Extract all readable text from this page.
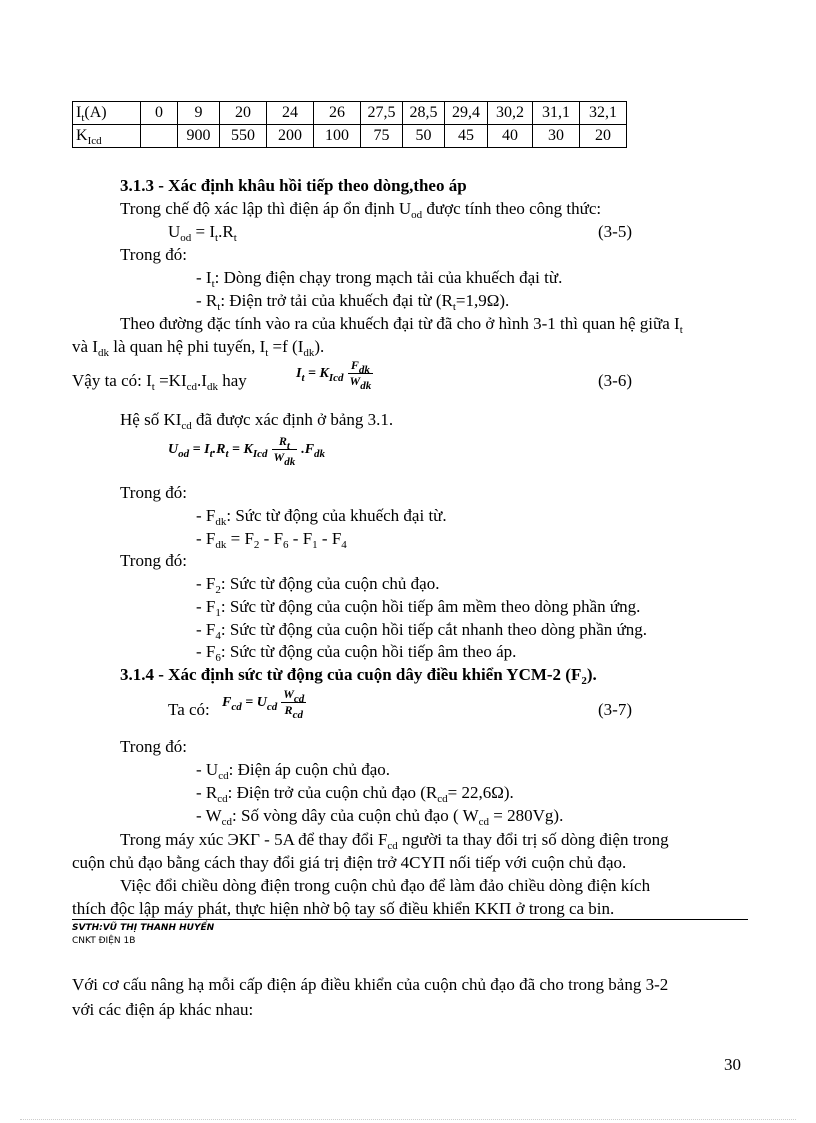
$I_t(A)$	0	9	20	24	26	27,5	28,5	29,4	30,2	31,1	32,1
$K_{Icd}$		900	550	200	100	75	50	45	40	30	20
3.1.3 - Xác định khâu hồi tiếp theo dòng,theo áp
Trong chế độ xác lập thì điện áp ổn định $U_{od}$ được tính theo công thức:
$U_{od} = I_t.R_t$	(3-5)
Trong đó:
- $I_t$: Dòng điện chạy trong mạch tải của khuếch đại từ.
- $R_t$: Điện trở tải của khuếch đại từ $(R_t=1,9\Omega)$.
Theo đường đặc tính vào ra của khuếch đại từ đã cho ở hình 3-1 thì quan hệ giữa $I_t$
và $I_{dk}$ là quan hệ phi tuyến, $I_t =f$ $(I_{dk})$.
Vậy ta có: $I_t =KI_{cd}.I_{dk}$ hay	$I_t = K_{Icd} \frac{F_{dk}}{W_{dk}}$	(3-6)
Hệ số $KI_{cd}$ đã được xác định ở bảng 3.1.
$U_{od} = I_t.R_t = K_{Icd} \frac{R_t}{W_{dk}} .F_{dk}$
Trong đó:
- $F_{dk}$: Sức từ động của khuếch đại từ.
- $F_{dk} = F_2 - F_6 - F_1 - F_4$
Trong đó:
- $F_2$: Sức từ động của cuộn chủ đạo.
- $F_1$: Sức từ động của cuộn hồi tiếp âm mềm theo dòng phần ứng.
- $F_4$: Sức từ động của cuộn hồi tiếp cắt nhanh theo dòng phần ứng.
- $F_6$: Sức từ động của cuộn hồi tiếp âm theo áp.
3.1.4 - Xác định sức từ động của cuộn dây điều khiển YCM-2 $(F_2)$.
Ta có: $F_{cd} = U_{cd} \frac{W_{cd}}{R_{cd}}$	(3-7)
Trong đó:
- $U_{cd}$: Điện áp cuộn chủ đạo.
- $R_{cd}$: Điện trở của cuộn chủ đạo $(R_{cd}= 22,6\Omega)$.
- $W_{cd}$: Số vòng dây của cuộn chủ đạo ( $W_{cd} = 280Vg$).
Trong máy xúc ЭКГ - 5A để thay đổi $F_{cd}$ người ta thay đổi trị số dòng điện trong
cuộn chủ đạo bằng cách thay đổi giá trị điện trở 4CYП nối tiếp với cuộn chủ đạo.
Việc đổi chiều dòng điện trong cuộn chủ đạo để làm đảo chiều dòng điện kích
thích độc lập máy phát, thực hiện nhờ bộ tay số điều khiển KKП ở trong ca bin.
SVTH:VŨ THỊ THANH HUYỀN
CNKT ĐIỆN 1B
Với cơ cấu nâng hạ mỗi cấp điện áp điều khiển của cuộn chủ đạo đã cho trong bảng 3-2
với các điện áp khác nhau:
30
